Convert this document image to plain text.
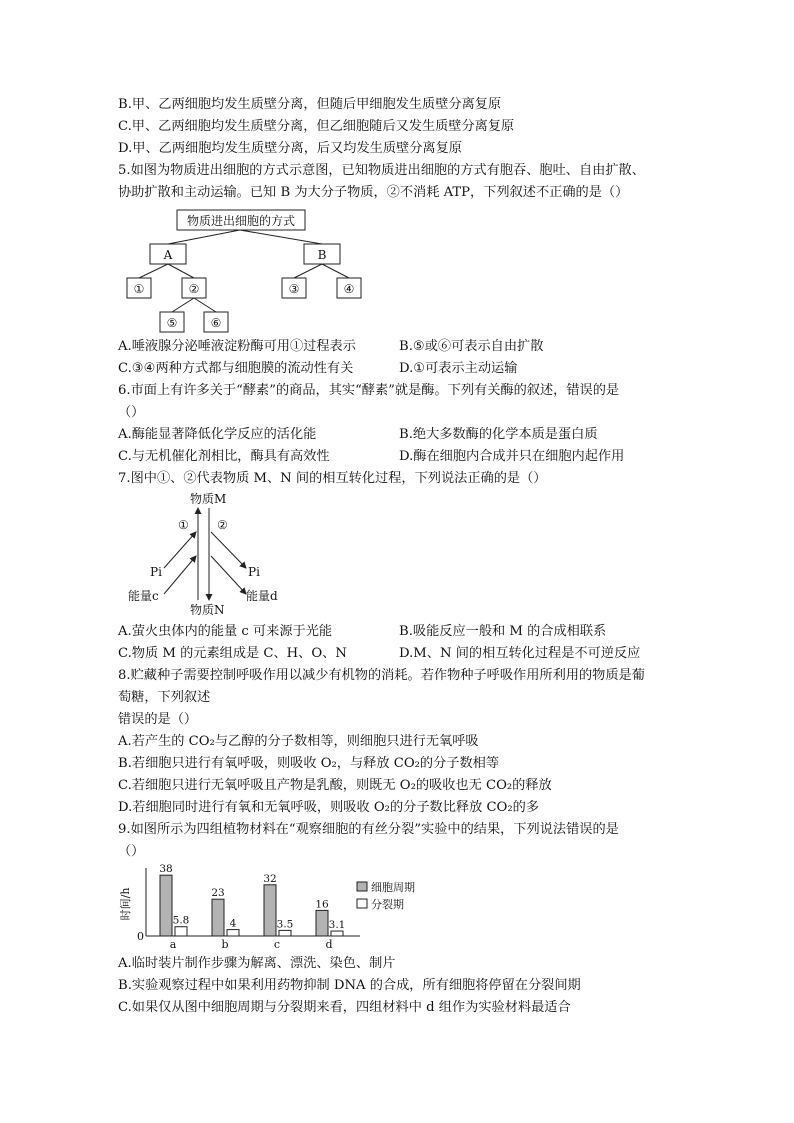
B.甲、乙两细胞均发生质壁分离，但随后甲细胞发生质壁分离复原
C.甲、乙两细胞均发生质壁分离，但乙细胞随后又发生质壁分离复原
D.甲、乙两细胞均发生质壁分离，后又均发生质壁分离复原
5.如图为物质进出细胞的方式示意图，已知物质进出细胞的方式有胞吞、胞吐、自由扩散、
协助扩散和主动运输。已知 B 为大分子物质，②不消耗 ATP，下列叙述不正确的是（）
物质进出细胞的方式
A	B
①	②	③	④
⑤	⑥
物质M
物质N
① ②
Pi	Pi
能量c	能量d
A.唾液腺分泌唾液淀粉酶可用①过程表示	B.⑤或⑥可表示自由扩散
C.③④两种方式都与细胞膜的流动性有关	D.①可表示主动运输
6.市面上有许多关于“酵素”的商品，其实“酵素”就是酶。下列有关酶的叙述，错误的是
（）
A.酶能显著降低化学反应的活化能	B.绝大多数酶的化学本质是蛋白质
C.与无机催化剂相比，酶具有高效性	D.酶在细胞内合成并只在细胞内起作用
7.图中①、②代表物质 M、N 间的相互转化过程，下列说法正确的是（）
A.萤火虫体内的能量 c 可来源于光能	B.吸能反应一般和 M 的合成相联系
C.物质 M 的元素组成是 C、H、O、N	D.M、N 间的相互转化过程是不可逆反应
8.贮藏种子需要控制呼吸作用以减少有机物的消耗。若作物种子呼吸作用所利用的物质是葡
萄糖，下列叙述
错误的是（）
A.若产生的 CO₂与乙醇的分子数相等，则细胞只进行无氧呼吸
B.若细胞只进行有氧呼吸，则吸收 O₂，与释放 CO₂的分子数相等
C.若细胞只进行无氧呼吸且产物是乳酸，则既无 O₂的吸收也无 CO₂的释放
D.若细胞同时进行有氧和无氧呼吸，则吸收 O₂的分子数比释放 CO₂的多
9.如图所示为四组植物材料在“观察细胞的有丝分裂”实验中的结果，下列说法错误的是
（）
时间/h
0
38
5.8
a
23
4
b
32
3.5
c
16
3.1
d
细胞周期
分裂期
A.临时装片制作步骤为解离、漂洗、染色、制片
B.实验观察过程中如果利用药物抑制 DNA 的合成，所有细胞将停留在分裂间期
C.如果仅从图中细胞周期与分裂期来看，四组材料中 d 组作为实验材料最适合
